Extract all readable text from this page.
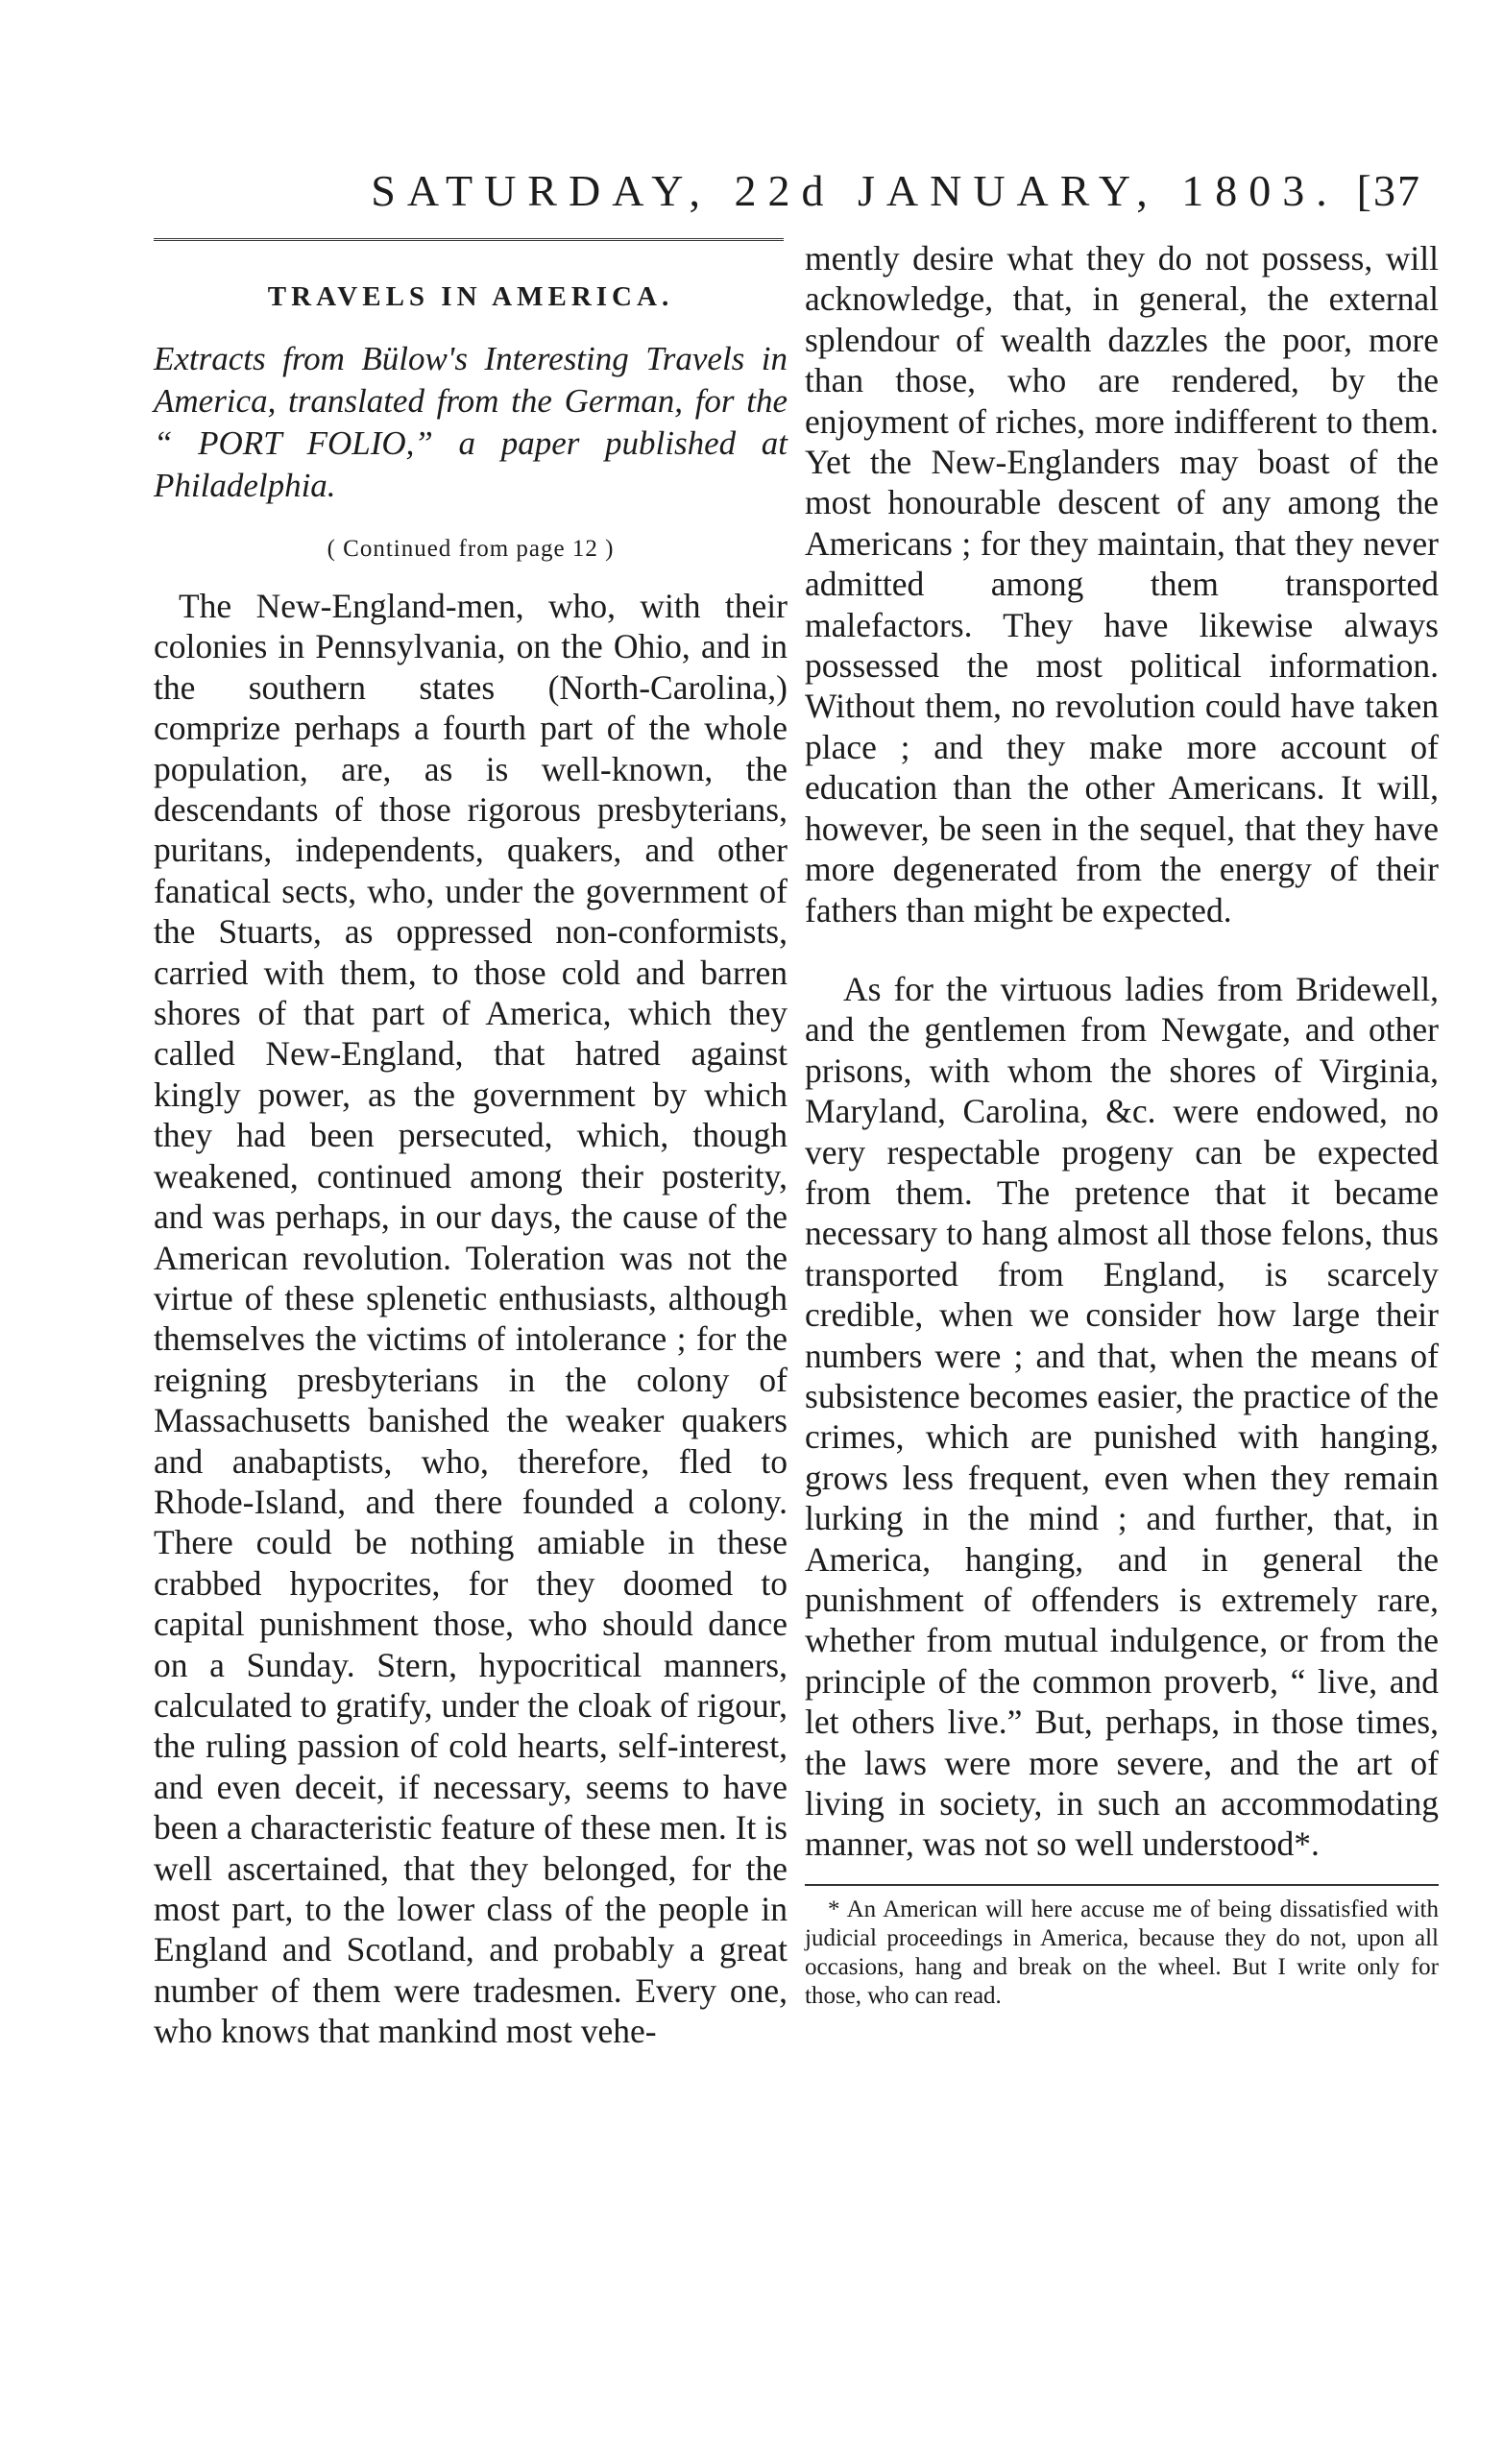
SATURDAY, 22d JANUARY, 1803. [37
TRAVELS IN AMERICA.

Extracts from Bülow's Interesting Travels in America, translated from the German, for the “ PORT FOLIO,” a paper published at Philadelphia.

( Continued from page 12 )

The New-England-men, who, with their colonies in Pennsylvania, on the Ohio, and in the southern states (North-Carolina,) comprize perhaps a fourth part of the whole population, are, as is well-known, the descendants of those rigorous presbyterians, puritans, independents, quakers, and other fanatical sects, who, under the government of the Stuarts, as oppressed non-conformists, carried with them, to those cold and barren shores of that part of America, which they called New-England, that hatred against kingly power, as the government by which they had been persecuted, which, though weakened, continued among their posterity, and was perhaps, in our days, the cause of the American revolution. Toleration was not the virtue of these splenetic enthusiasts, although themselves the victims of intolerance ; for the reigning presbyterians in the colony of Massachusetts banished the weaker quakers and anabaptists, who, therefore, fled to Rhode-Island, and there founded a colony. There could be nothing amiable in these crabbed hypocrites, for they doomed to capital punishment those, who should dance on a Sunday. Stern, hypocritical manners, calculated to gratify, under the cloak of rigour, the ruling passion of cold hearts, self-interest, and even deceit, if necessary, seems to have been a characteristic feature of these men. It is well ascertained, that they belonged, for the most part, to the lower class of the people in England and Scotland, and probably a great number of them were tradesmen. Every one, who knows that mankind most vehe-

mently desire what they do not possess, will acknowledge, that, in general, the external splendour of wealth dazzles the poor, more than those, who are rendered, by the enjoyment of riches, more indifferent to them. Yet the New-Englanders may boast of the most honourable descent of any among the Americans ; for they maintain, that they never admitted among them transported malefactors. They have likewise always possessed the most political information. Without them, no revolution could have taken place ; and they make more account of education than the other Americans. It will, however, be seen in the sequel, that they have more degenerated from the energy of their fathers than might be expected.

As for the virtuous ladies from Bridewell, and the gentlemen from Newgate, and other prisons, with whom the shores of Virginia, Maryland, Carolina, &c. were endowed, no very respectable progeny can be expected from them. The pretence that it became necessary to hang almost all those felons, thus transported from England, is scarcely credible, when we consider how large their numbers were ; and that, when the means of subsistence becomes easier, the practice of the crimes, which are punished with hanging, grows less frequent, even when they remain lurking in the mind ; and further, that, in America, hanging, and in general the punishment of offenders is extremely rare, whether from mutual indulgence, or from the principle of the common proverb, “ live, and let others live.” But, perhaps, in those times, the laws were more severe, and the art of living in society, in such an accommodating manner, was not so well understood*.

* An American will here accuse me of being dissatisfied with judicial proceedings in America, because they do not, upon all occasions, hang and break on the wheel. But I write only for those, who can read.
